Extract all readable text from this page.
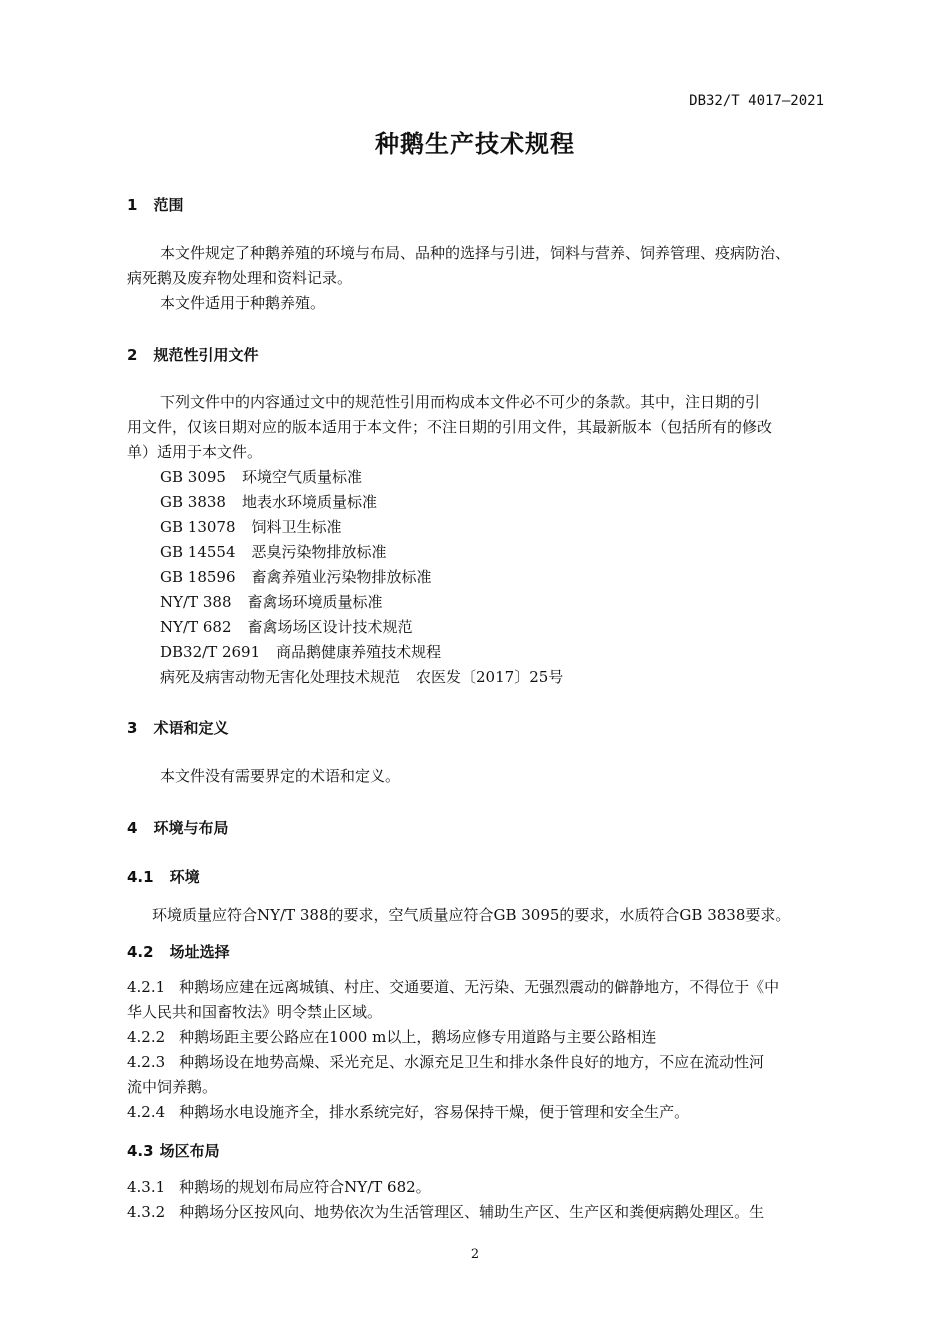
DB32/T 4017—2021
种鹅生产技术规程
1 范围
本文件规定了种鹅养殖的环境与布局、品种的选择与引进，饲料与营养、饲养管理、疫病防治、
病死鹅及废弃物处理和资料记录。
本文件适用于种鹅养殖。
2 规范性引用文件
下列文件中的内容通过文中的规范性引用而构成本文件必不可少的条款。其中，注日期的引
用文件，仅该日期对应的版本适用于本文件；不注日期的引用文件，其最新版本（包括所有的修改
单）适用于本文件。
GB 3095 环境空气质量标准
GB 3838 地表水环境质量标准
GB 13078 饲料卫生标准
GB 14554 恶臭污染物排放标准
GB 18596 畜禽养殖业污染物排放标准
NY/T 388 畜禽场环境质量标准
NY/T 682 畜禽场场区设计技术规范
DB32/T 2691 商品鹅健康养殖技术规程
病死及病害动物无害化处理技术规范 农医发〔2017〕25号
3 术语和定义
本文件没有需要界定的术语和定义。
4 环境与布局
4.1 环境
环境质量应符合NY/T 388的要求，空气质量应符合GB 3095的要求，水质符合GB 3838要求。
4.2 场址选择
4.2.1 种鹅场应建在远离城镇、村庄、交通要道、无污染、无强烈震动的僻静地方，不得位于《中
华人民共和国畜牧法》明令禁止区域。
4.2.2 种鹅场距主要公路应在1000 m以上，鹅场应修专用道路与主要公路相连
4.2.3 种鹅场设在地势高燥、采光充足、水源充足卫生和排水条件良好的地方，不应在流动性河
流中饲养鹅。
4.2.4 种鹅场水电设施齐全，排水系统完好，容易保持干燥，便于管理和安全生产。
4.3 场区布局
4.3.1 种鹅场的规划布局应符合NY/T 682。
4.3.2 种鹅场分区按风向、地势依次为生活管理区、辅助生产区、生产区和粪便病鹅处理区。生
2
